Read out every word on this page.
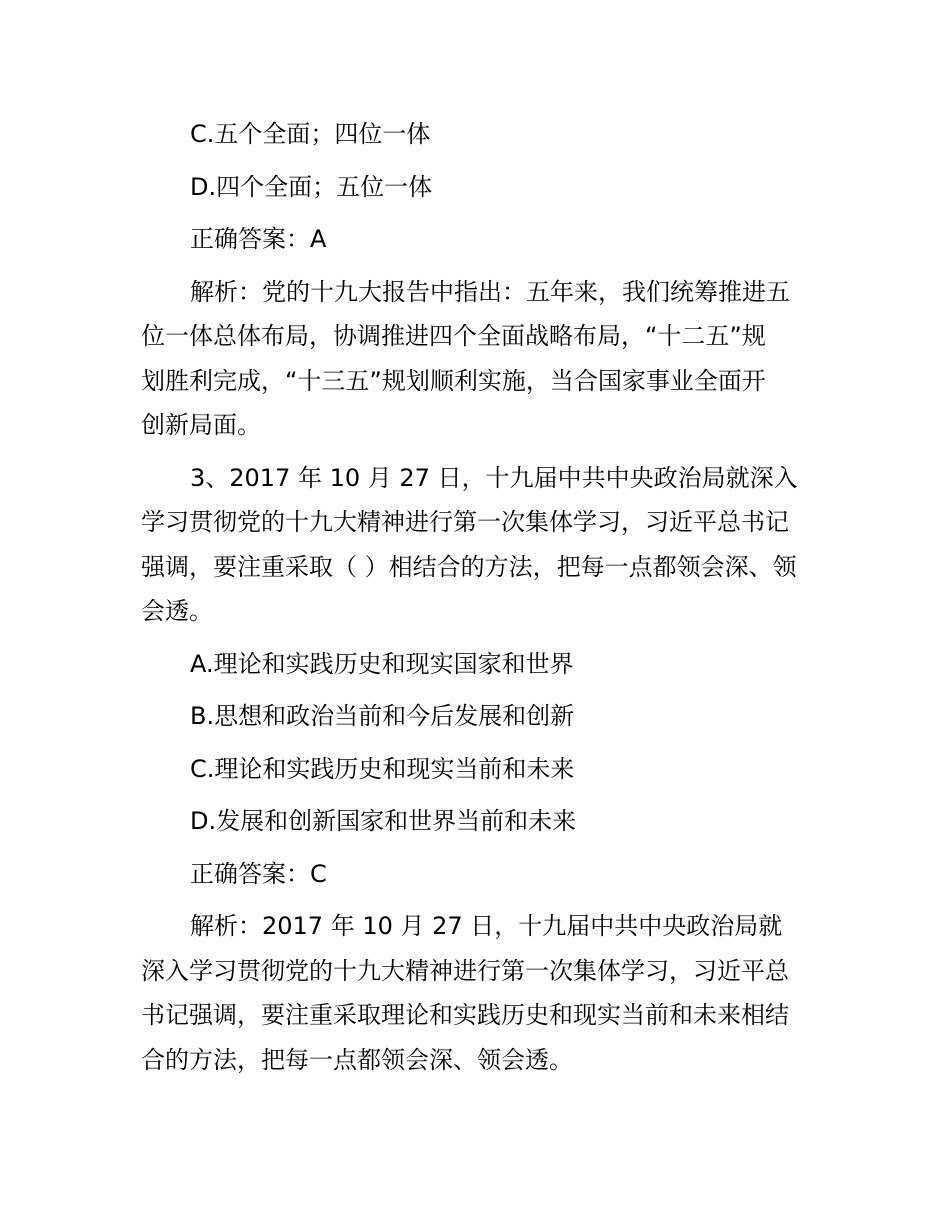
C.五个全面；四位一体
D.四个全面；五位一体
正确答案：A
解析：党的十九大报告中指出：五年来，我们统筹推进五
位一体总体布局，协调推进四个全面战略布局，“十二五”规
划胜利完成，“十三五”规划顺利实施，当合国家事业全面开
创新局面。
3、2017 年 10 月 27 日，十九届中共中央政治局就深入
学习贯彻党的十九大精神进行第一次集体学习，习近平总书记
强调，要注重采取（ ）相结合的方法，把每一点都领会深、领
会透。
A.理论和实践历史和现实国家和世界
B.思想和政治当前和今后发展和创新
C.理论和实践历史和现实当前和未来
D.发展和创新国家和世界当前和未来
正确答案：C
解析：2017 年 10 月 27 日，十九届中共中央政治局就
深入学习贯彻党的十九大精神进行第一次集体学习，习近平总
书记强调，要注重采取理论和实践历史和现实当前和未来相结
合的方法，把每一点都领会深、领会透。
